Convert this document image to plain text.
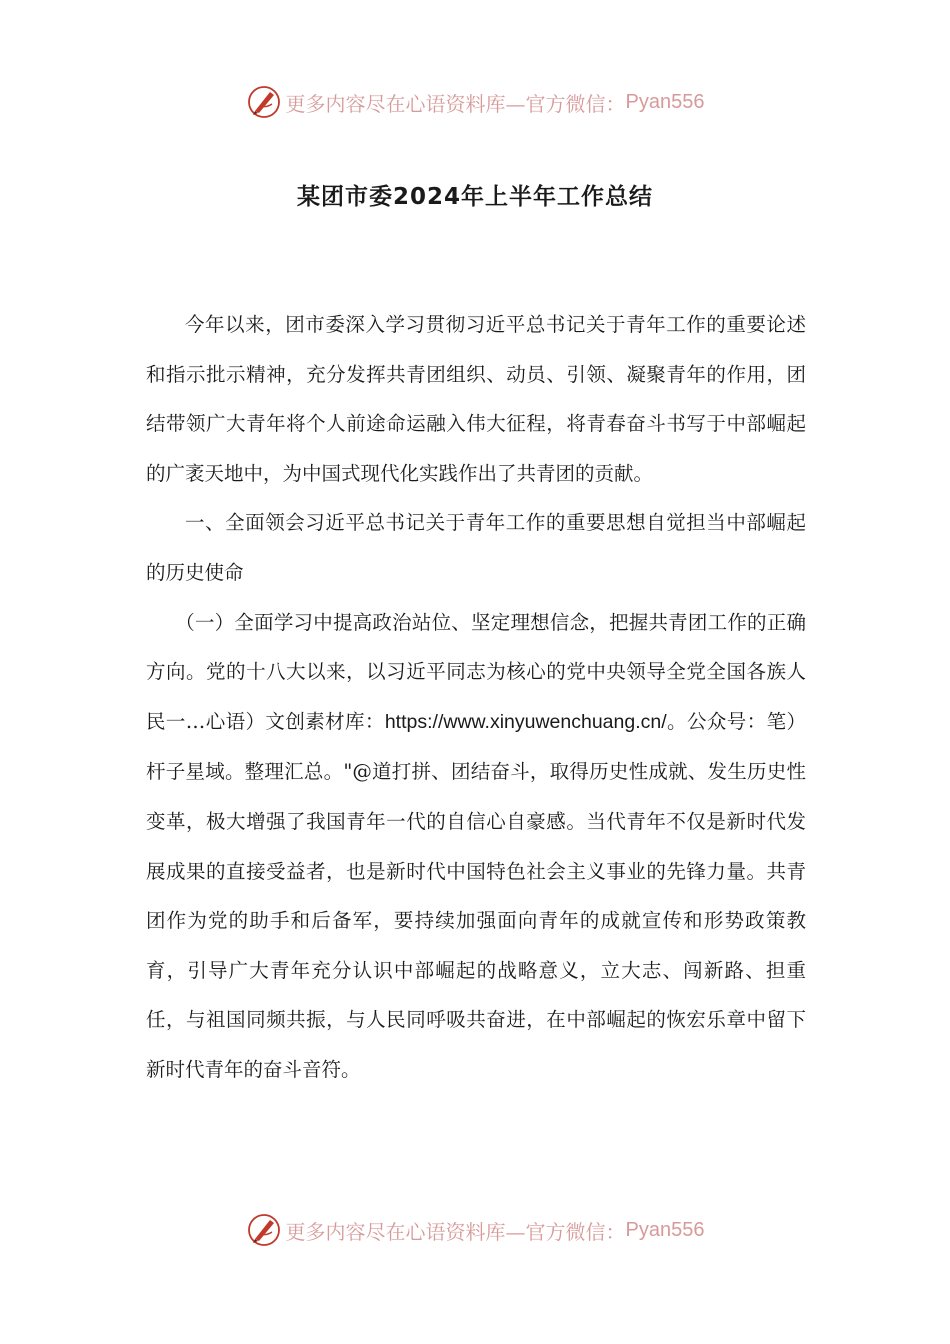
更多内容尽在心语资料库—官方微信： Pyan556
某团市委2024年上半年工作总结

今年以来，团市委深入学习贯彻习近平总书记关于青年工作的重要论述和指示批示精神，充分发挥共青团组织、动员、引领、凝聚青年的作用，团结带领广大青年将个人前途命运融入伟大征程，将青春奋斗书写于中部崛起的广袤天地中，为中国式现代化实践作出了共青团的贡献。

一、全面领会习近平总书记关于青年工作的重要思想自觉担当中部崛起的历史使命

（一）全面学习中提高政治站位、坚定理想信念，把握共青团工作的正确方向。党的十八大以来，以习近平同志为核心的党中央领导全党全国各族人民一…心语）文创素材库：https://www.xinyuwenchuang.cn/。公众号：笔）杆子星域。整理汇总。"@道打拼、团结奋斗，取得历史性成就、发生历史性变革，极大增强了我国青年一代的自信心自豪感。当代青年不仅是新时代发展成果的直接受益者，也是新时代中国特色社会主义事业的先锋力量。共青团作为党的助手和后备军，要持续加强面向青年的成就宣传和形势政策教育，引导广大青年充分认识中部崛起的战略意义，立大志、闯新路、担重任，与祖国同频共振，与人民同呼吸共奋进，在中部崛起的恢宏乐章中留下新时代青年的奋斗音符。

更多内容尽在心语资料库—官方微信： Pyan556
